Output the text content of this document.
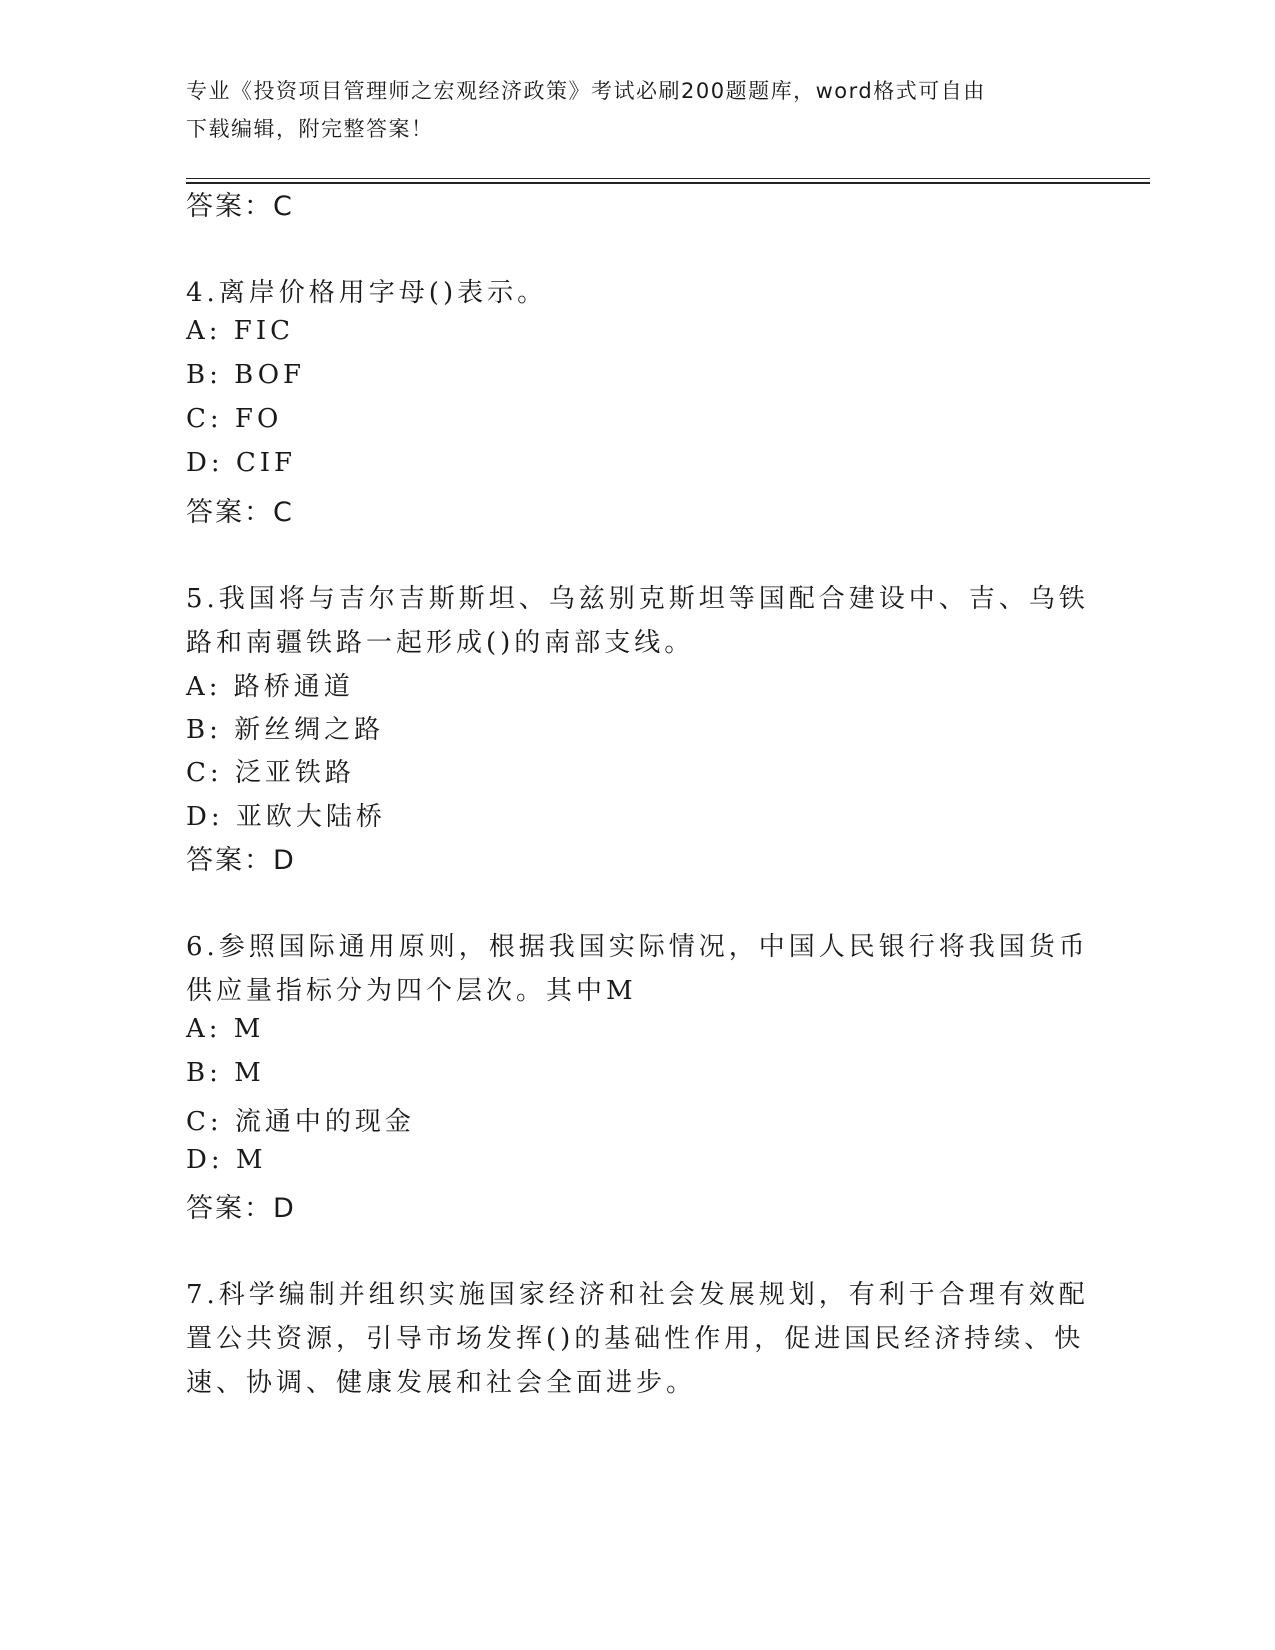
专业《投资项目管理师之宏观经济政策》考试必刷200题题库，word格式可自由
下载编辑，附完整答案！
答案：C
4.离岸价格用字母()表示。
A: FIC
B: BOF
C: FO
D: CIF
答案：C
5.我国将与吉尔吉斯斯坦、乌兹别克斯坦等国配合建设中、吉、乌铁
路和南疆铁路一起形成()的南部支线。
A: 路桥通道
B: 新丝绸之路
C: 泛亚铁路
D: 亚欧大陆桥
答案：D
6.参照国际通用原则，根据我国实际情况，中国人民银行将我国货币
供应量指标分为四个层次。其中M
A: M
B: M
C: 流通中的现金
D: M
答案：D
7.科学编制并组织实施国家经济和社会发展规划，有利于合理有效配
置公共资源，引导市场发挥()的基础性作用，促进国民经济持续、快
速、协调、健康发展和社会全面进步。
